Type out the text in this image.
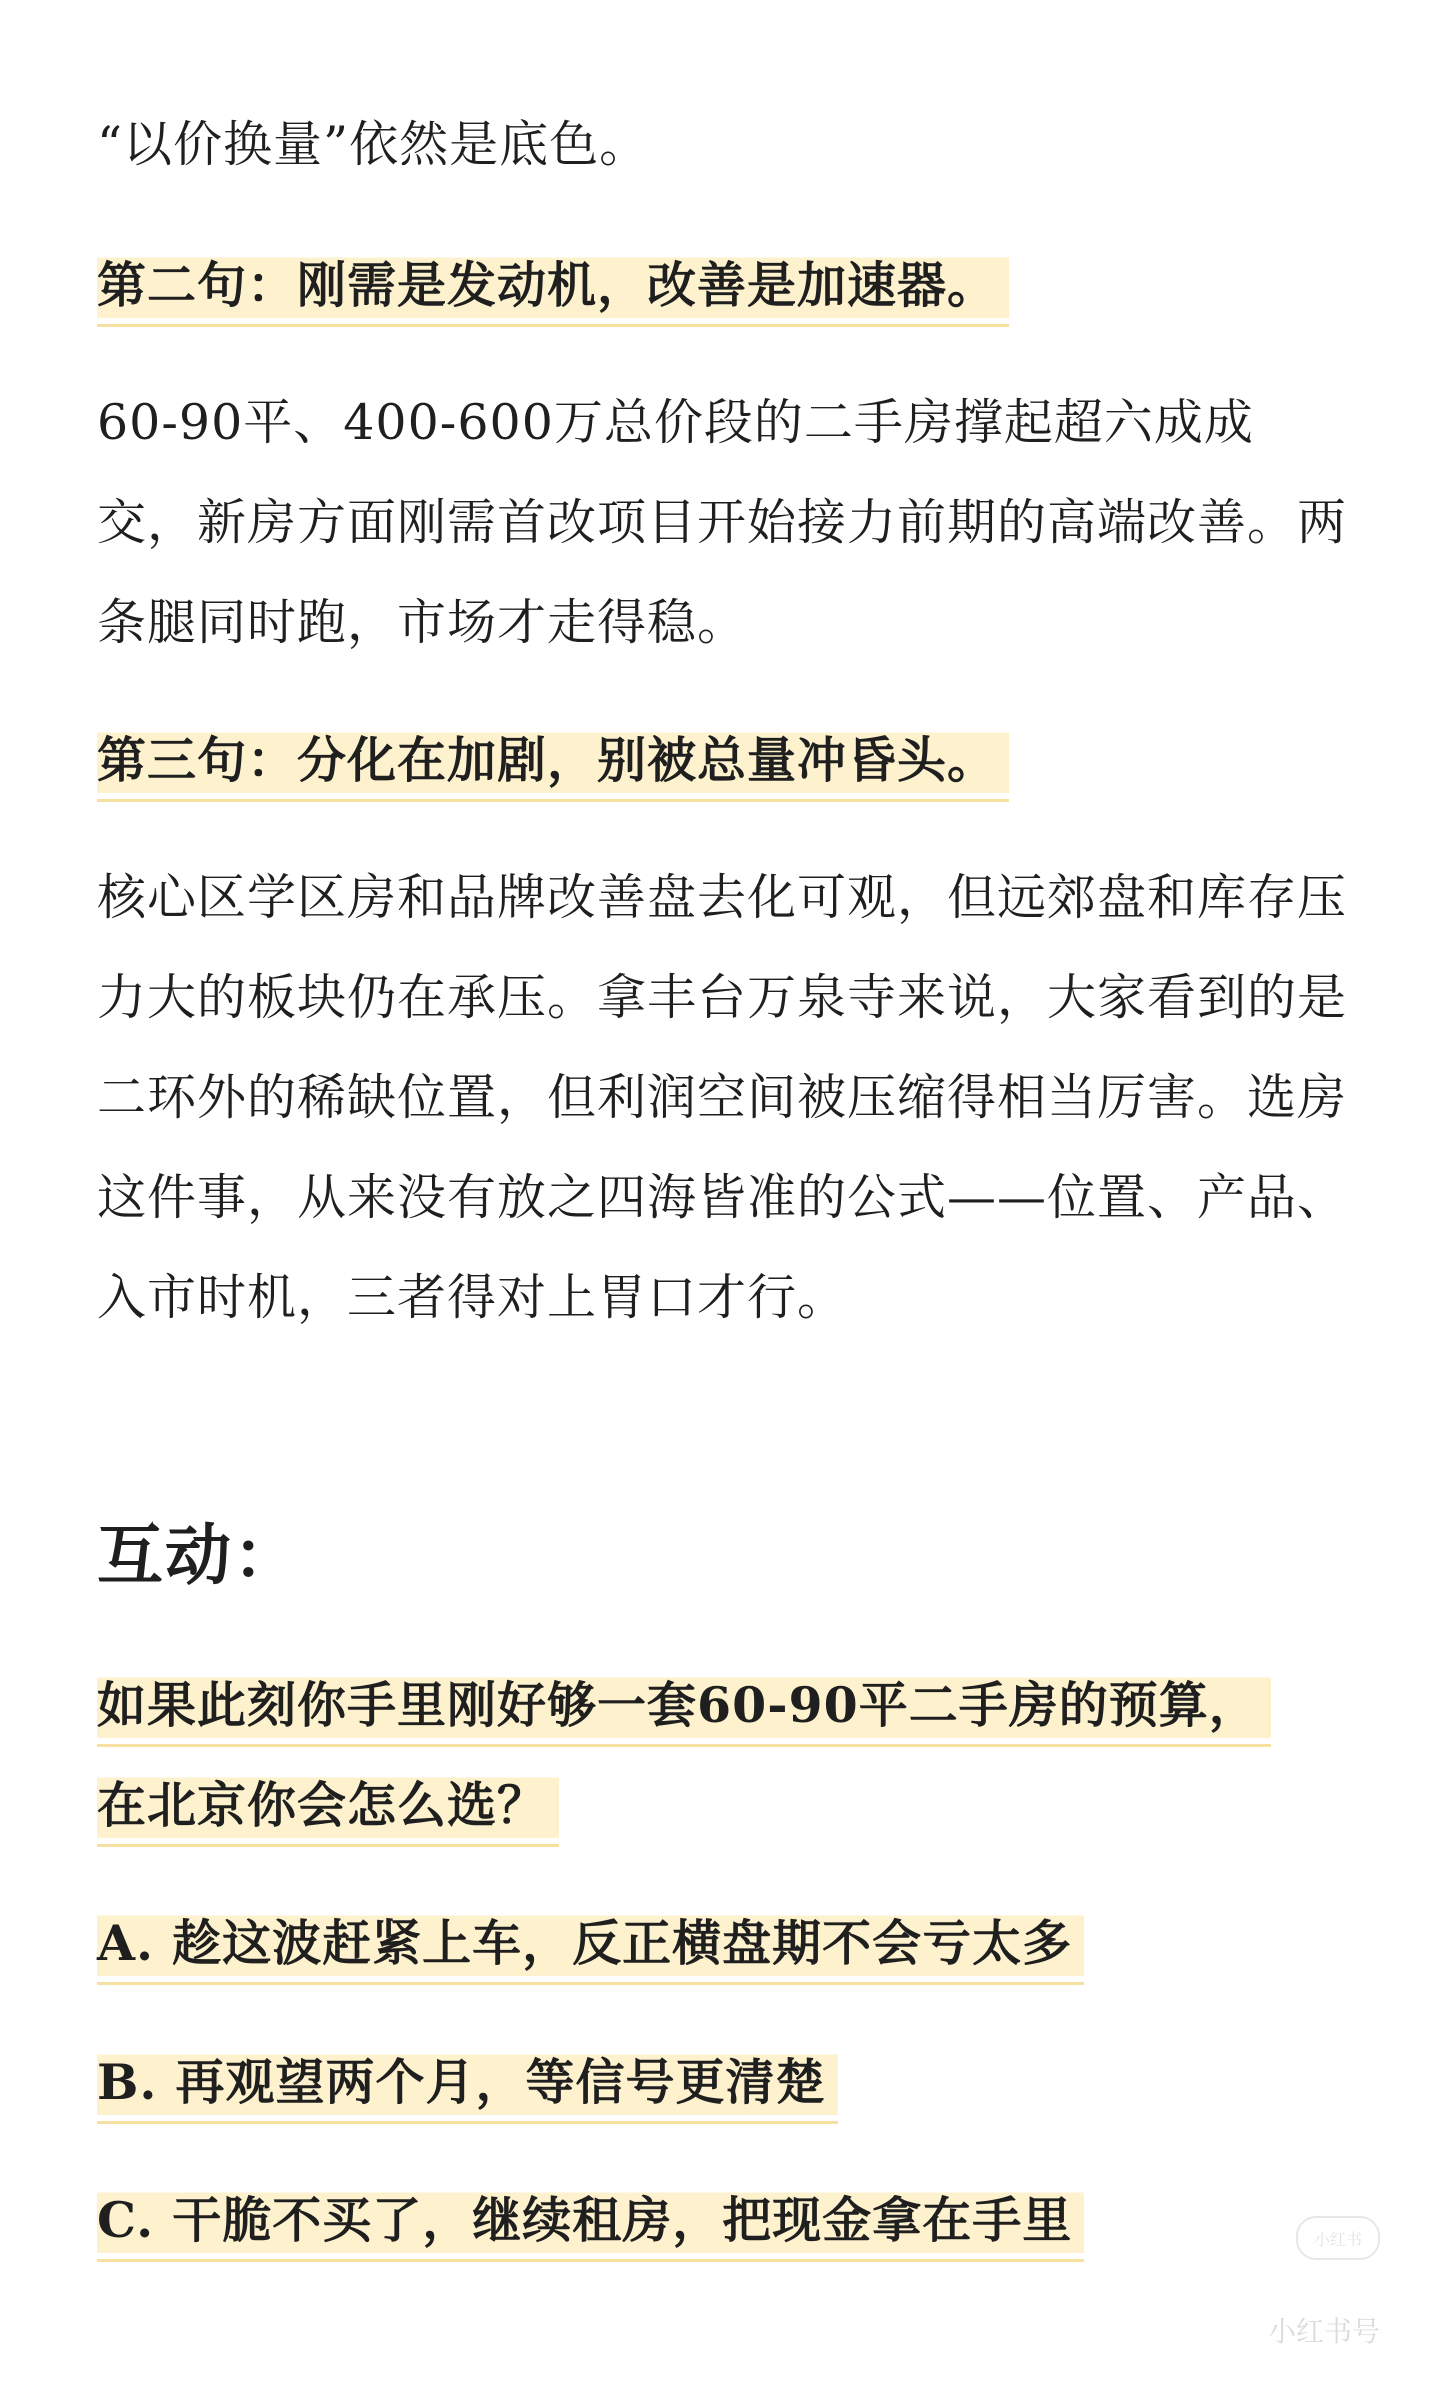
“以价换量”依然是底色。

第二句：刚需是发动机，改善是加速器。

60-90平、400-600万总价段的二手房撑起超六成成交，新房方面刚需首改项目开始接力前期的高端改善。两条腿同时跑，市场才走得稳。

第三句：分化在加剧，别被总量冲昏头。

核心区学区房和品牌改善盘去化可观，但远郊盘和库存压力大的板块仍在承压。拿丰台万泉寺来说，大家看到的是二环外的稀缺位置，但利润空间被压缩得相当厉害。选房这件事，从来没有放之四海皆准的公式——位置、产品、入市时机，三者得对上胃口才行。

互动：

如果此刻你手里刚好够一套60-90平二手房的预算，在北京你会怎么选？

A. 趁这波赶紧上车，反正横盘期不会亏太多

B. 再观望两个月，等信号更清楚

C. 干脆不买了，继续租房，把现金拿在手里

小红书号
小红书
